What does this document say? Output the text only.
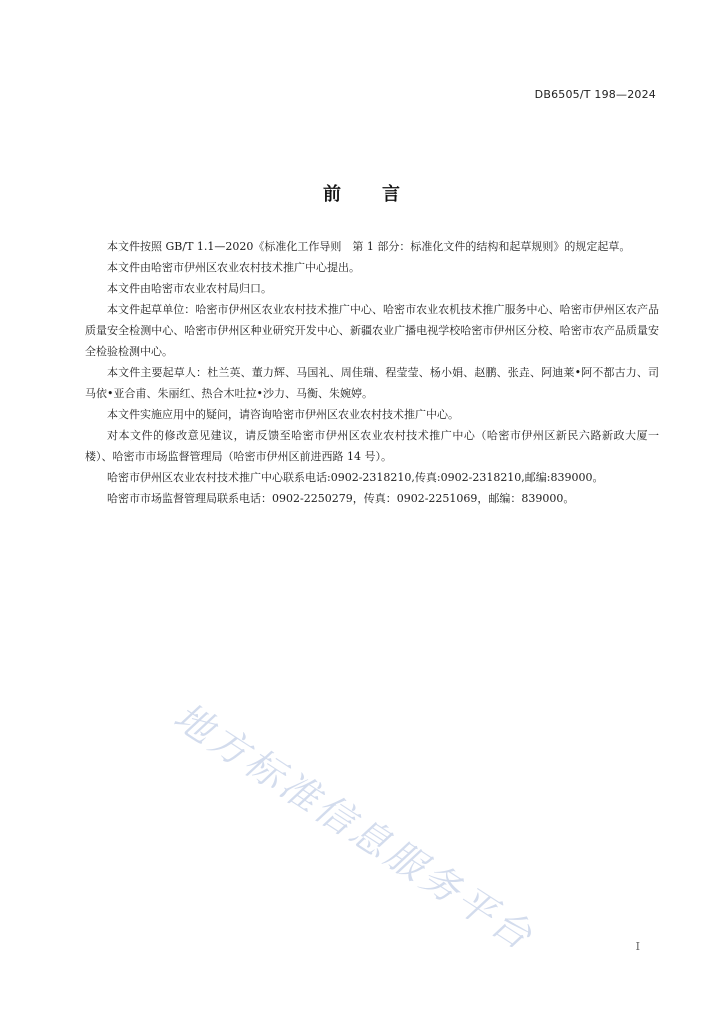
DB6505/T 198—2024
前 言

本文件按照 GB/T 1.1—2020《标准化工作导则　第 1 部分：标准化文件的结构和起草规则》的规定起草。

本文件由哈密市伊州区农业农村技术推广中心提出。

本文件由哈密市农业农村局归口。

本文件起草单位：哈密市伊州区农业农村技术推广中心、哈密市农业农机技术推广服务中心、哈密市伊州区农产品质量安全检测中心、哈密市伊州区种业研究开发中心、新疆农业广播电视学校哈密市伊州区分校、哈密市农产品质量安全检验检测中心。

本文件主要起草人：杜兰英、董力辉、马国礼、周佳瑞、程莹莹、杨小娟、赵鹏、张垚、阿迪莱•阿不都古力、司马依•亚合甫、朱丽红、热合木吐拉•沙力、马衡、朱婉婷。

本文件实施应用中的疑问，请咨询哈密市伊州区农业农村技术推广中心。

对本文件的修改意见建议，请反馈至哈密市伊州区农业农村技术推广中心（哈密市伊州区新民六路新政大厦一楼）、哈密市市场监督管理局（哈密市伊州区前进西路 14 号）。

哈密市伊州区农业农村技术推广中心联系电话:0902-2318210,传真:0902-2318210,邮编:839000。

哈密市市场监督管理局联系电话：0902-2250279，传真：0902-2251069，邮编：839000。

地方标准信息服务平台	I
